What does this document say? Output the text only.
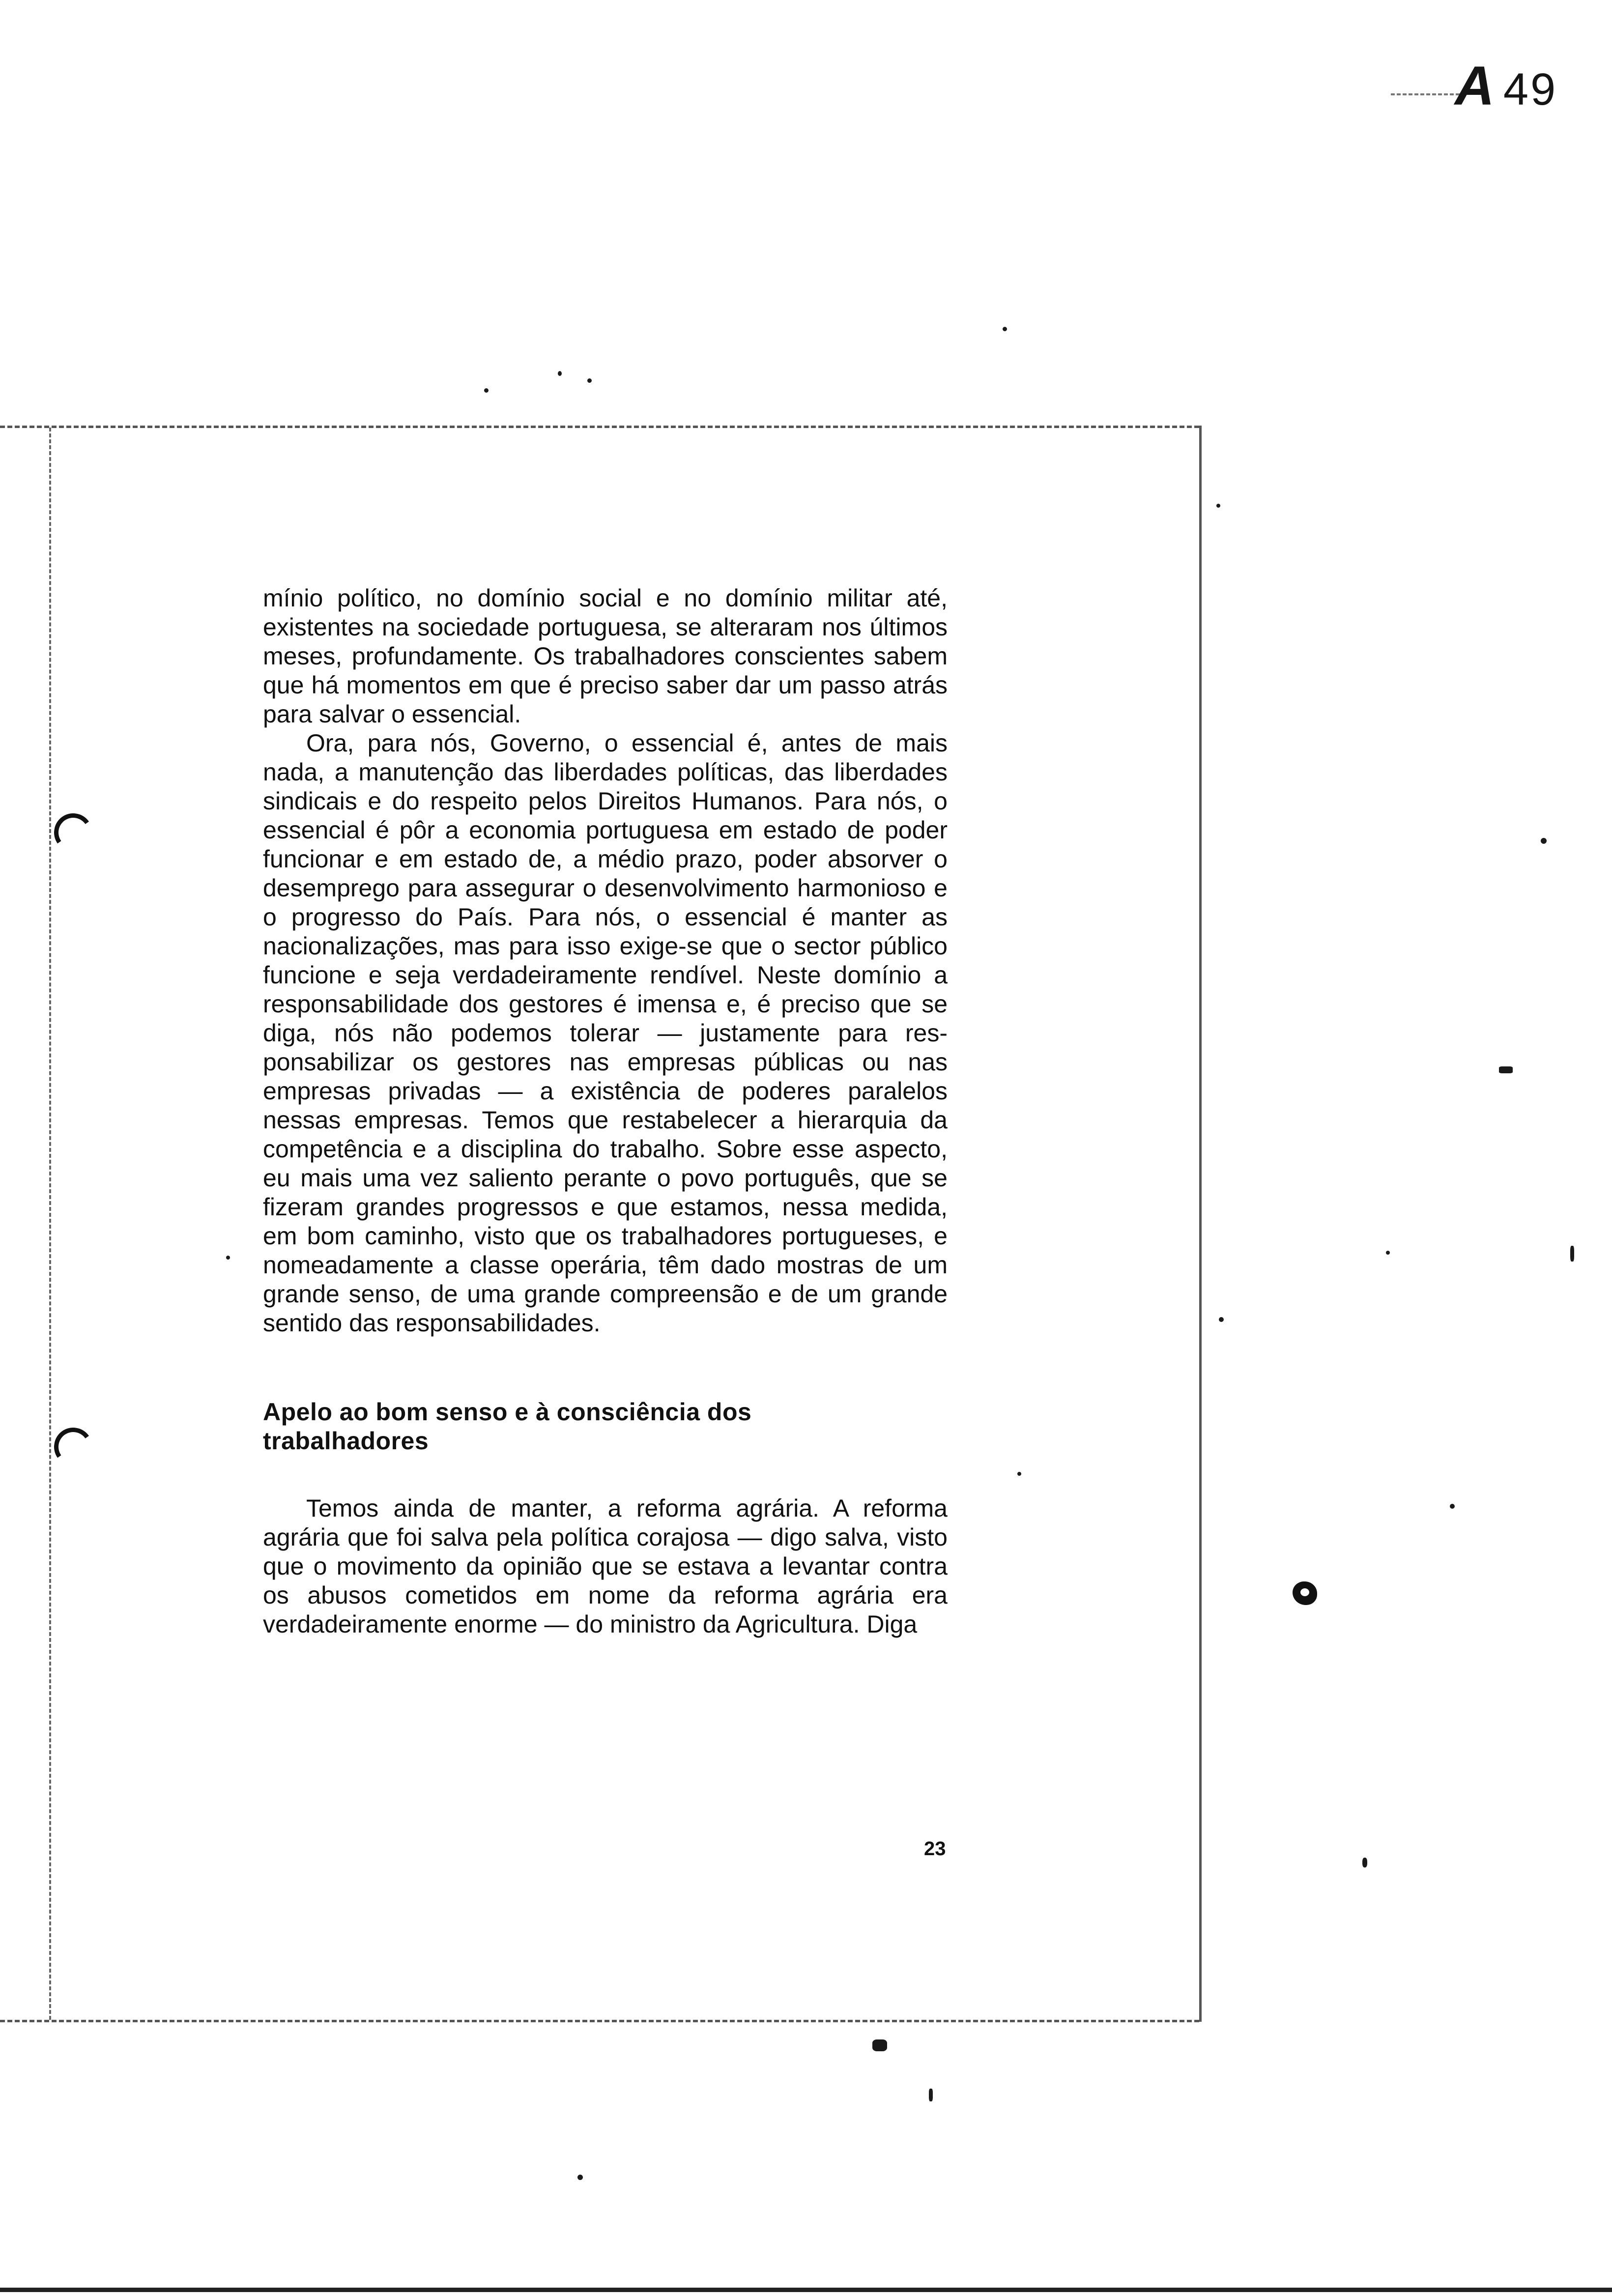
A 49

mínio político, no domínio social e no domínio militar até, existentes na sociedade portuguesa, se alteraram nos últimos meses, profundamente. Os trabalhadores conscientes sabem que há momentos em que é preciso saber dar um passo atrás para salvar o essencial.

Ora, para nós, Governo, o essencial é, antes de mais nada, a manutenção das liberdades políticas, das liberdades sindicais e do respeito pelos Direitos Humanos. Para nós, o essencial é pôr a economia portuguesa em estado de poder funcionar e em estado de, a médio prazo, poder absorver o desemprego para assegurar o desenvolvimento harmonioso e o progresso do País. Para nós, o essencial é manter as nacionalizações, mas para isso exige-se que o sector público funcione e seja verdadeiramente rendível. Neste domínio a responsabilidade dos gestores é imensa e, é preciso que se diga, nós não podemos tolerar — justamente para responsabilizar os gestores nas empresas públicas ou nas empresas privadas — a existência de poderes paralelos nessas empresas. Temos que restabelecer a hierarquia da competência e a disciplina do trabalho. Sobre esse aspecto, eu mais uma vez saliento perante o povo português, que se fizeram grandes progressos e que estamos, nessa medida, em bom caminho, visto que os trabalhadores portugueses, e nomeadamente a classe operária, têm dado mostras de um grande senso, de uma grande compreensão e de um grande sentido das responsabilidades.

Apelo ao bom senso e à consciência dos trabalhadores

Temos ainda de manter, a reforma agrária. A reforma agrária que foi salva pela política corajosa — digo salva, visto que o movimento da opinião que se estava a levantar contra os abusos cometidos em nome da reforma agrária era verdadeiramente enorme — do ministro da Agricultura. Diga

23
